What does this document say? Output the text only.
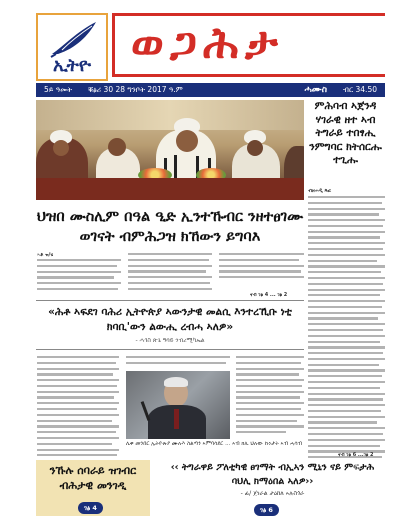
ኢትዮ ወጋሕታ
5ይ ዓመት	ቑፅሪ 30 28 ግንቦት 2017 ዓ.ም	ሓሙስ	ብር 34.50
ምሕባብ ኣጀንዳ ሃገራዊ ዘተ ኣብ ትግራይ ተበፃሒ ንምግባር ክትሰርሑ ተጊሑ
ብዘሐዲ ጻፎ
ናብ ገፅ 6 ...ገፅ 2
ህዝበ ሙስሊም በዓል ዒድ ኢንተኹብር ንዘተፀገሙ ወገናት ብምሕጋዝ ክኸውን ይግባእ
ኣቶ ዝ/ሄ
ናብ ገፅ 4 ... ገፅ 2
«ሕቶ ኣፍደገ ባሕሪ ኢትዮጵያ ኣውንታዊ መልሲ እንተረኺቡ ነቲ ክባቢ'ውን ልውሒ ረብሓ ኣለዎ»
- ሓጎስ ጽጌ ዓባይ ንብረሚካኤል
ሊቀ መንበር ኢትዮጵያ ሙሉእ ስልጣን ኣምባሳደር ... ኣብ ክሊ ህሉው ኩነታት ኣብ ሓሳብ
ንኹሉ ሰባራይ ዝገብር ብሕታዊ መንገዲ
ገፅ 4
‹‹ ትግራዋይ ፖለቲካዊ ፀገማት ብኢኣን ሚኒን ናይ ምፍታሕ ባህሊ ክማዕበል ኣለዎ››
- ፊ/ ጀነራል ታዕከለ ኣሉስጎራ
ገፅ 6
